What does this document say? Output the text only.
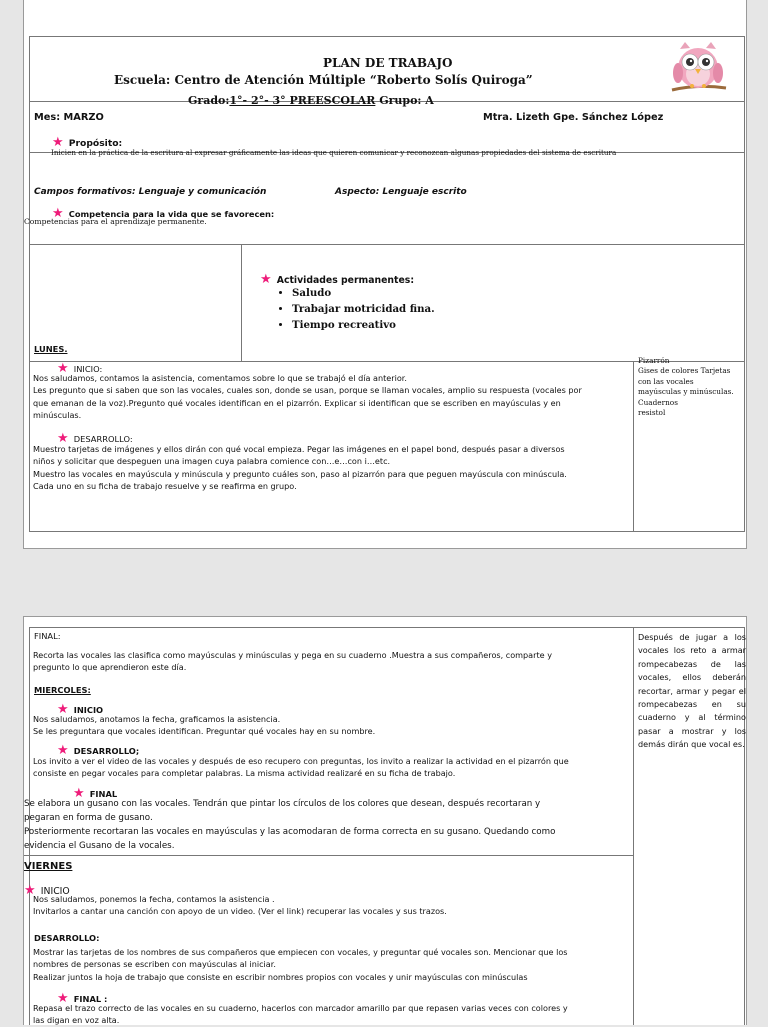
PLAN DE TRABAJO
Escuela: Centro de Atención Múltiple “Roberto Solís Quiroga”
Grado:1°- 2°- 3° PREESCOLAR Grupo: A
Mes: MARZO	Mtra. Lizeth Gpe. Sánchez López
★ Propósito:
Inicien en la práctica de la escritura al expresar gráficamente las ideas que quieren comunicar y reconozcan algunas propiedades del sistema de escritura
Campos formativos: Lenguaje y comunicación	Aspecto: Lenguaje escrito
★ Competencia para la vida que se favorecen:
Competencias para el aprendizaje permanente.
★ Actividades permanentes:
• Saludo
• Trabajar motricidad fina.
• Tiempo recreativo
LUNES.
★ INICIO:
Nos saludamos, contamos la asistencia, comentamos sobre lo que se trabajó el día anterior.
Les pregunto que si saben que son las vocales, cuales son, donde se usan, porque se llaman vocales, amplio su respuesta (vocales por
que emanan de la voz).Pregunto qué vocales identifican en el pizarrón. Explicar si identifican que se escriben en mayúsculas y en
minúsculas.
★ DESARROLLO:
Muestro tarjetas de imágenes y ellos dirán con qué vocal empieza. Pegar las imágenes en el papel bond, después pasar a diversos
niños y solicitar que despeguen una imagen cuya palabra comience con…e…con i…etc.
Muestro las vocales en mayúscula y minúscula y pregunto cuáles son, paso al pizarrón para que peguen mayúscula con minúscula.
Cada uno en su ficha de trabajo resuelve y se reafirma en grupo.
Pizarrón
Gises de colores Tarjetas
con las vocales
mayúsculas y minúsculas.
Cuadernos
resistol
FINAL:
Recorta las vocales las clasifica como mayúsculas y minúsculas y pega en su cuaderno .Muestra a sus compañeros, comparte y
pregunto lo que aprendieron este día.
MIERCOLES:
★ INICIO
Nos saludamos, anotamos la fecha, graficamos la asistencia.
Se les preguntara que vocales identifican. Preguntar qué vocales hay en su nombre.
★ DESARROLLO;
Los invito a ver el video de las vocales y después de eso recupero con preguntas, los invito a realizar la actividad en el pizarrón que
consiste en pegar vocales para completar palabras. La misma actividad realizaré en su ficha de trabajo.
★ FINAL
Se elabora un gusano con las vocales. Tendrán que pintar los círculos de los colores que desean, después recortaran y
pegaran en forma de gusano.
Posteriormente recortaran las vocales en mayúsculas y las acomodaran de forma correcta en su gusano. Quedando como
evidencia el Gusano de la vocales.
VIERNES
★ INICIO
Nos saludamos, ponemos la fecha, contamos la asistencia .
Invitarlos a cantar una canción con apoyo de un video. (Ver el link) recuperar las vocales y sus trazos.
DESARROLLO:
Mostrar las tarjetas de los nombres de sus compañeros que empiecen con vocales, y preguntar qué vocales son. Mencionar que los
nombres de personas se escriben con mayúsculas al iniciar.
Realizar juntos la hoja de trabajo que consiste en escribir nombres propios con vocales y unir mayúsculas con minúsculas
★ FINAL :
Repasa el trazo correcto de las vocales en su cuaderno, hacerlos con marcador amarillo par que repasen varias veces con colores y
las digan en voz alta.
Después de jugar a los vocales los reto a armar rompecabezas de las vocales, ellos deberán recortar, armar y pegar el rompecabezas en su cuaderno y al término pasar a mostrar y los demás dirán que vocal es.
